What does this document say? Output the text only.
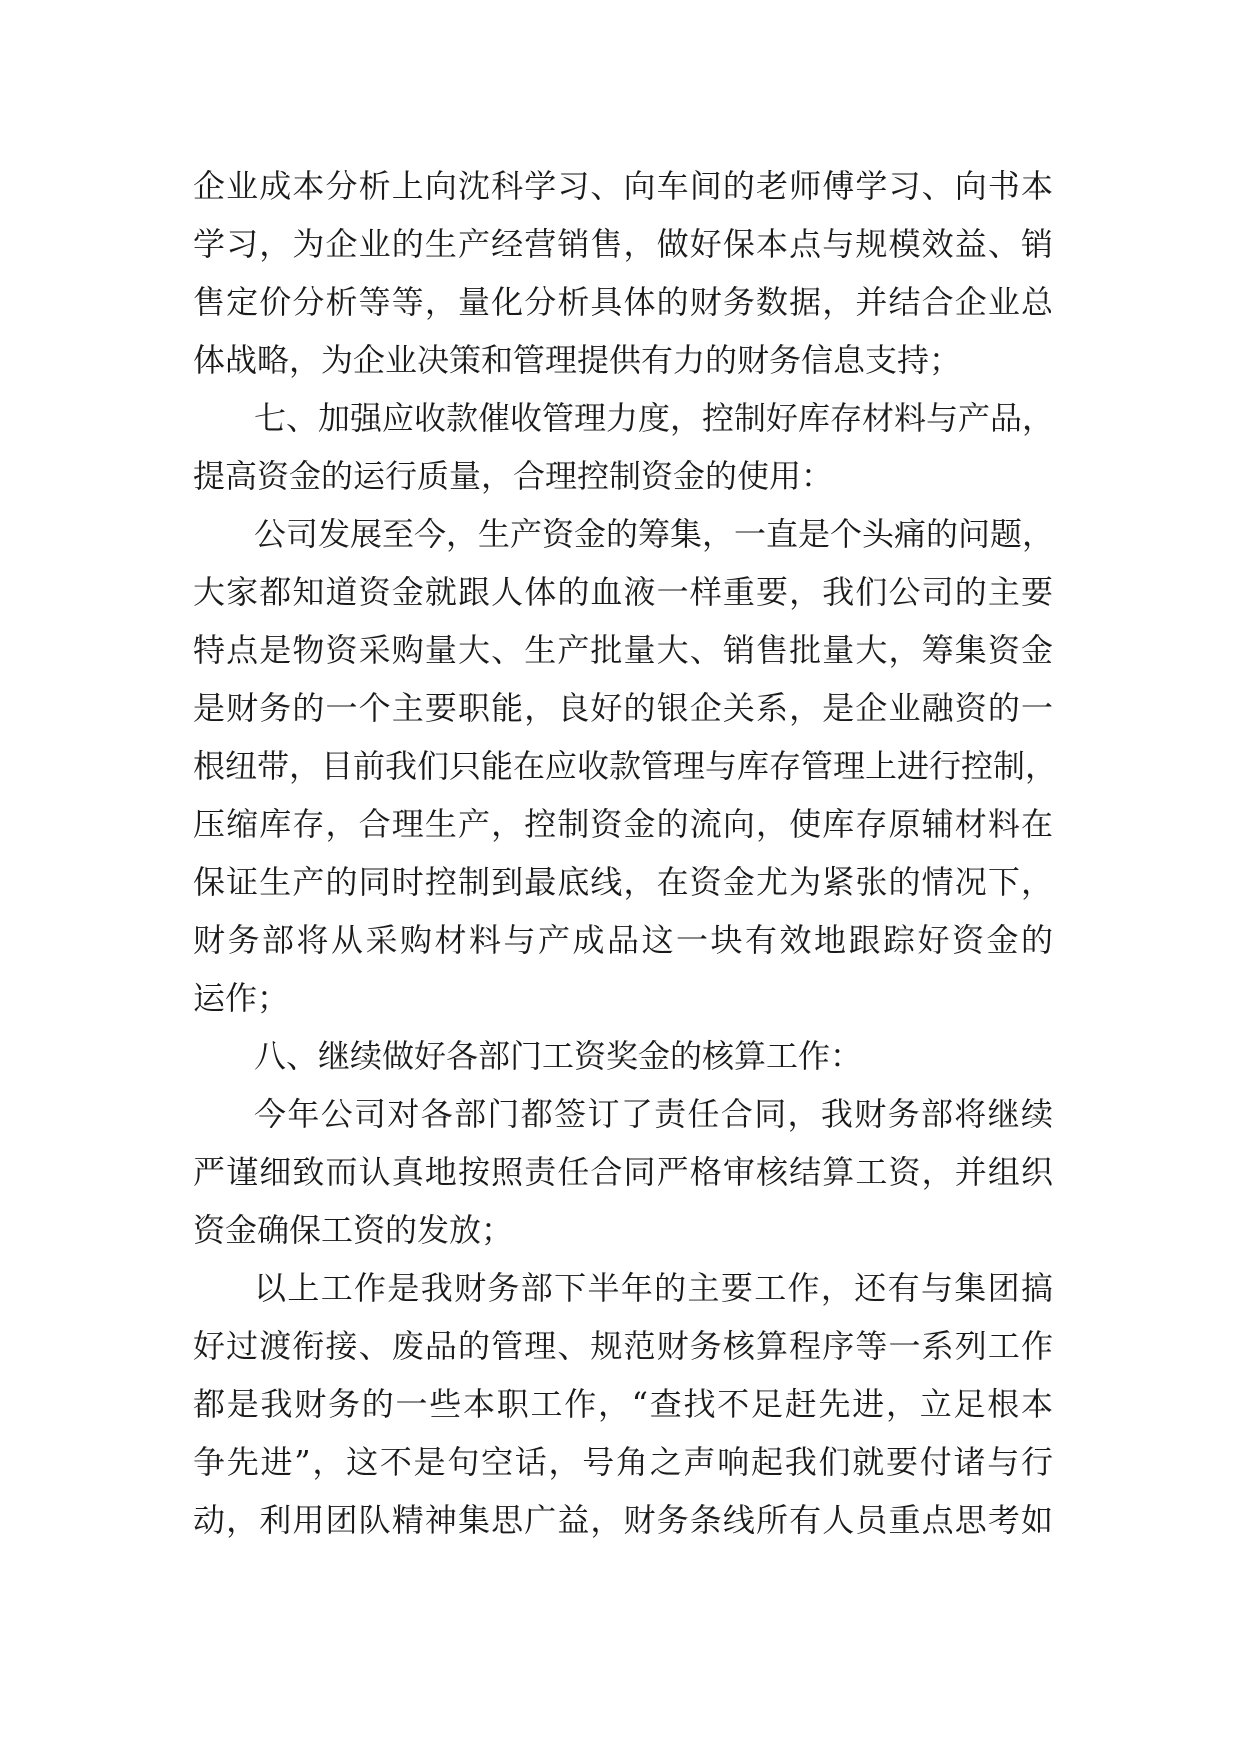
企业成本分析上向沈科学习、向车间的老师傅学习、向书本
学习，为企业的生产经营销售，做好保本点与规模效益、销
售定价分析等等，量化分析具体的财务数据，并结合企业总
体战略，为企业决策和管理提供有力的财务信息支持；
七、加强应收款催收管理力度，控制好库存材料与产品，
提高资金的运行质量，合理控制资金的使用：
公司发展至今，生产资金的筹集，一直是个头痛的问题，
大家都知道资金就跟人体的血液一样重要，我们公司的主要
特点是物资采购量大、生产批量大、销售批量大，筹集资金
是财务的一个主要职能，良好的银企关系，是企业融资的一
根纽带，目前我们只能在应收款管理与库存管理上进行控制，
压缩库存，合理生产，控制资金的流向，使库存原辅材料在
保证生产的同时控制到最底线，在资金尤为紧张的情况下，
财务部将从采购材料与产成品这一块有效地跟踪好资金的
运作；
八、继续做好各部门工资奖金的核算工作：
今年公司对各部门都签订了责任合同，我财务部将继续
严谨细致而认真地按照责任合同严格审核结算工资，并组织
资金确保工资的发放；
以上工作是我财务部下半年的主要工作，还有与集团搞
好过渡衔接、废品的管理、规范财务核算程序等一系列工作
都是我财务的一些本职工作，“查找不足赶先进，立足根本
争先进”，这不是句空话，号角之声响起我们就要付诸与行
动，利用团队精神集思广益，财务条线所有人员重点思考如
